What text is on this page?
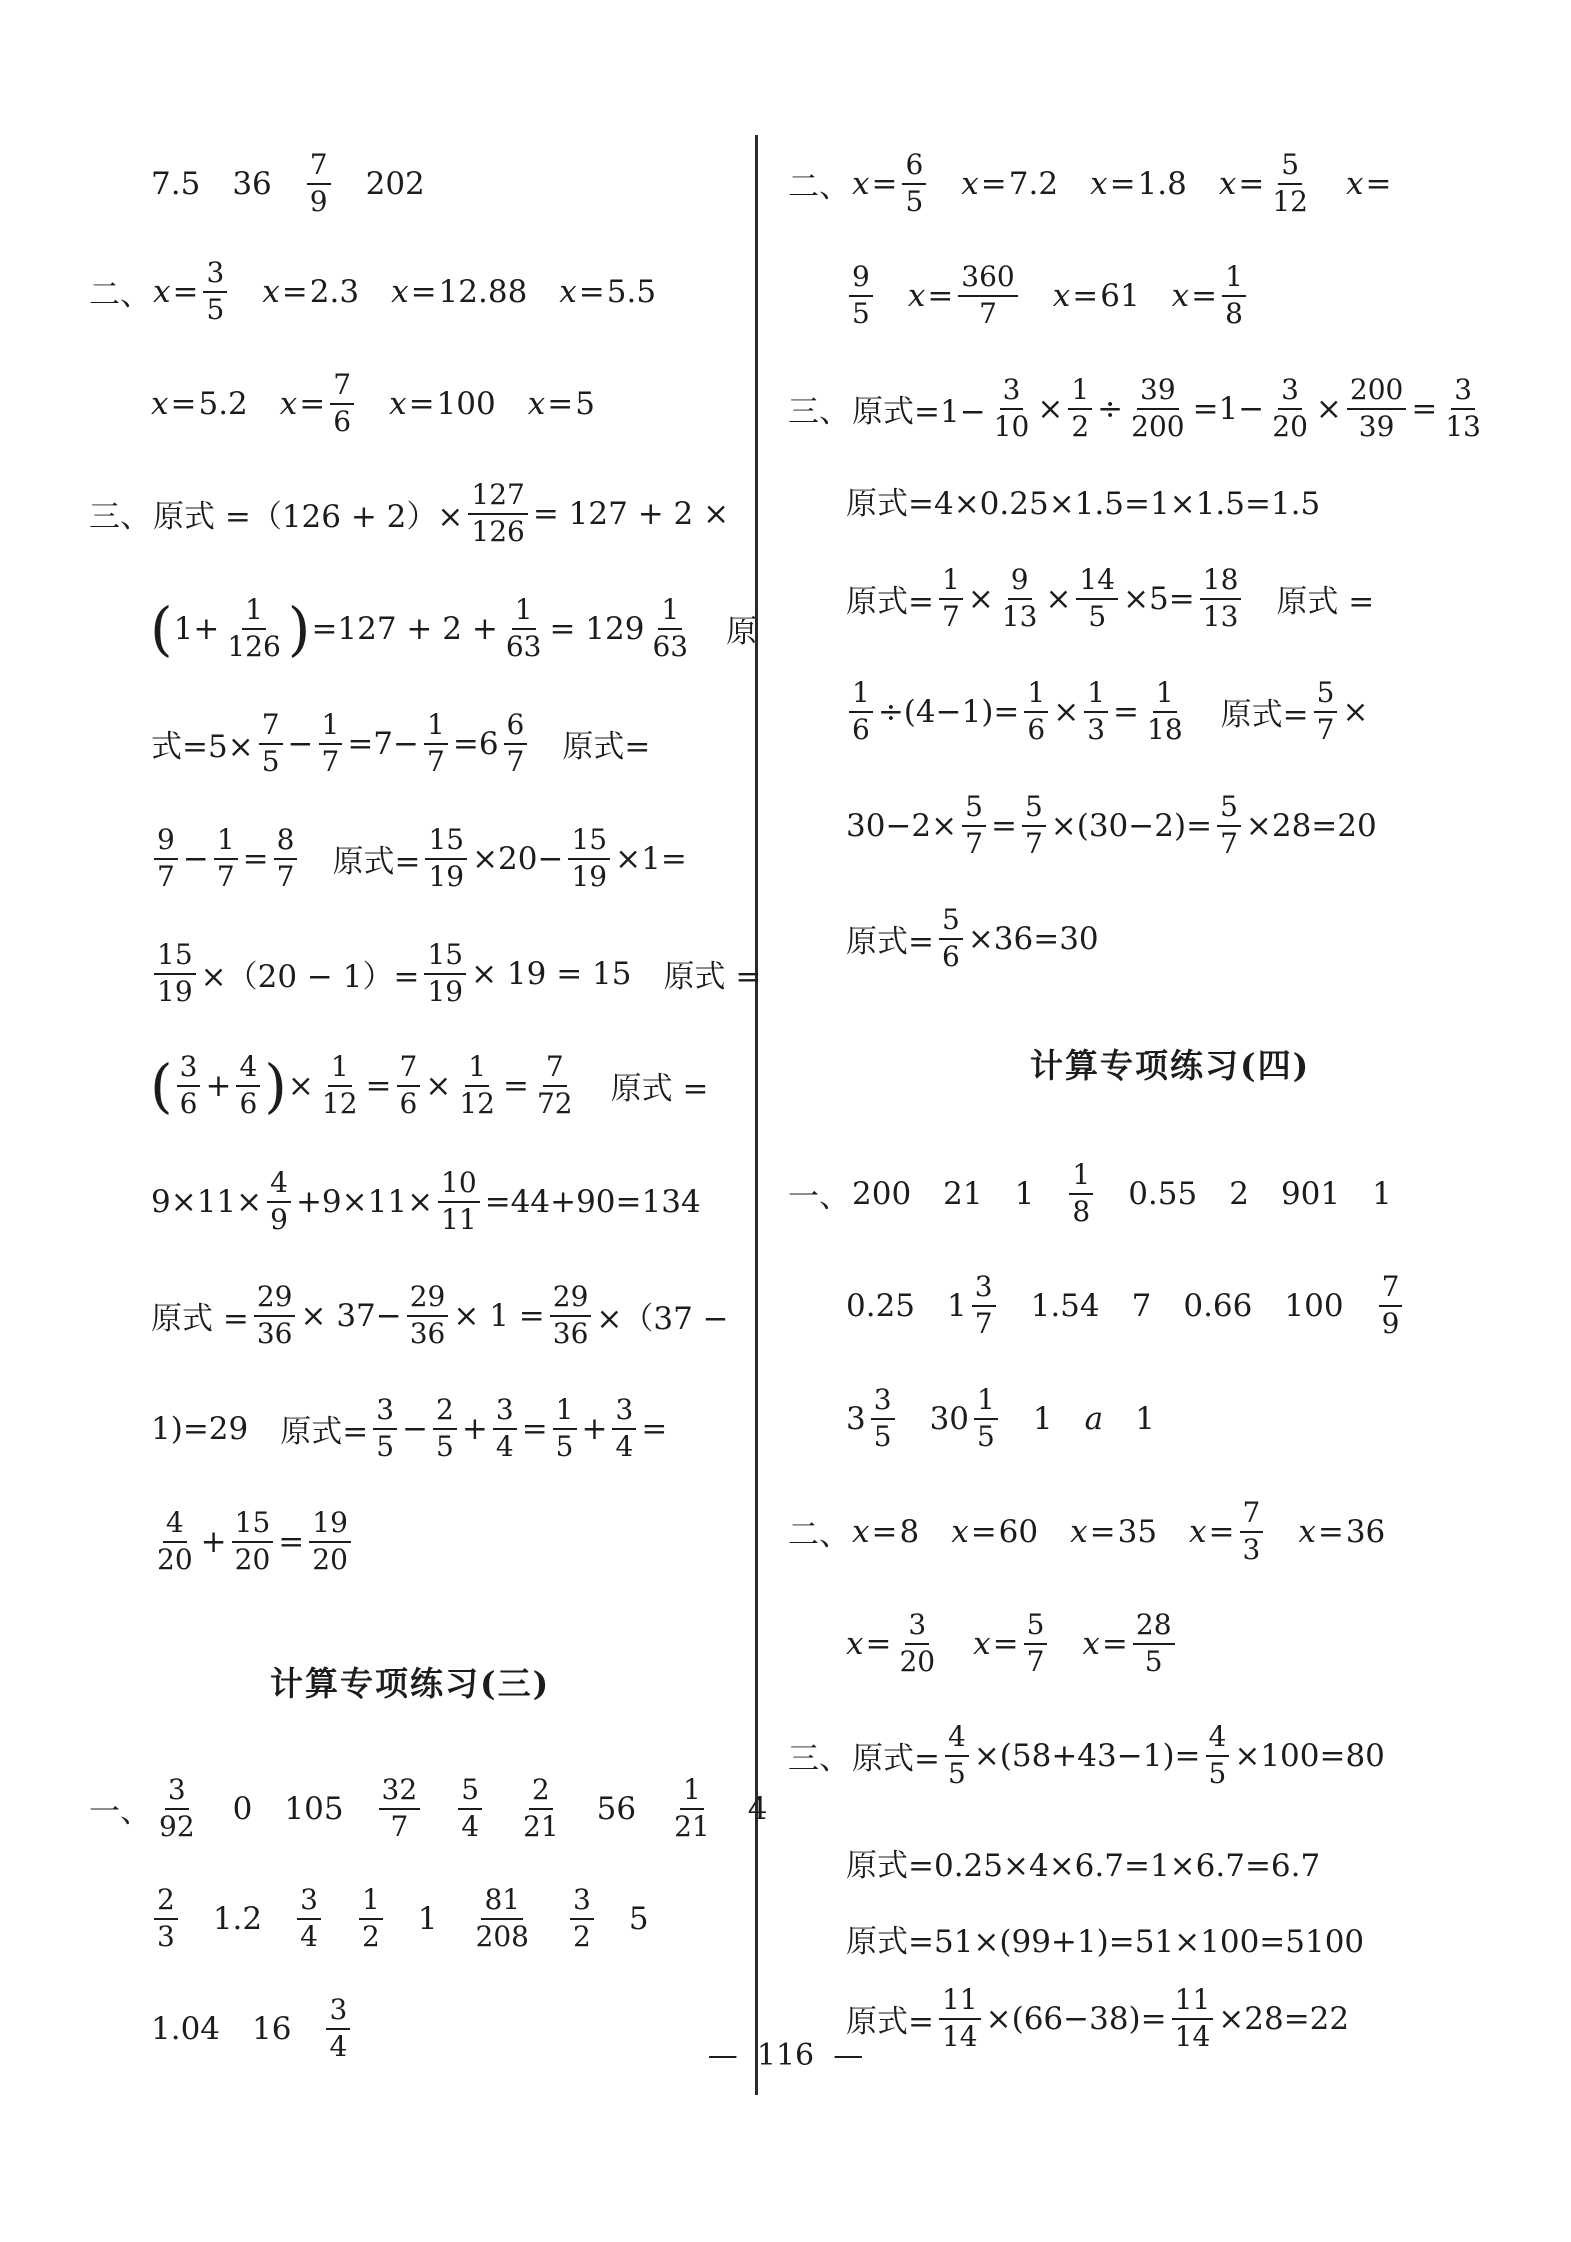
7.5 $36 \frac{7}{9} 202$
二、 $x = \frac{3}{5}$ x = 2.3 x = 12.88 x = 5.5
x = 5.2 $x = \frac{7}{6}$ x = 100 x = 5
三、 原式 $=(126 + 2)\times \frac{127}{126} = 127 + 2$ ×
( $1+ \frac{1}{126}$ ) $=127 + 2 + \frac{1}{63} = 129 \frac{1}{63}$ 原
式$=5\times \frac{7}{5} - \frac{1}{7} =7- \frac{1}{7} =6 \frac{6}{7}$ 原式=
$\frac{9}{7} - \frac{1}{7} = \frac{8}{7}$ 原式= $\frac{15}{19} \times 20- \frac{15}{19} \times 1=$
$\frac{15}{19} \times(20 - 1)= \frac{15}{19} \times 19 = 15$ 原式 =
( $\frac{3}{6} + \frac{4}{6}$ ) × $\frac{1}{12} = \frac{7}{6} \times \frac{1}{12} = \frac{7}{72}$ 原式 =
$9\times 11\times \frac{4}{9} +9\times 11\times \frac{10}{11} =44+90=134$
原式 = $\frac{29}{36} \times 37- \frac{29}{36} \times 1 = \frac{29}{36} \times(37$ −
1)=29 原式= $\frac{3}{5} - \frac{2}{5} + \frac{3}{4} = \frac{1}{5} + \frac{3}{4}$ =
$\frac{4}{20} + \frac{15}{20} = \frac{19}{20}$
计算专项练习(三)
一、 $\frac{3}{92} 0$ $105 \frac{32}{7} \frac{5}{4} \frac{2}{21} 56 \frac{1}{21} 4$
$\frac{2}{3} 1.2 \frac{3}{4} \frac{1}{2} 1 \frac{81}{208} \frac{3}{2} 5$
1.04 $16 \frac{3}{4}$
二、 $x = \frac{6}{5}$ x = 7.2 x = 1.8 $x = \frac{5}{12}$ x =
$\frac{9}{5}$ $x = \frac{360}{7}$ x = 61 $x = \frac{1}{8}$
三、 原式$=1- \frac{3}{10} \times \frac{1}{2} \div \frac{39}{200} =1- \frac{3}{20} \times \frac{200}{39} = \frac{3}{13}$
原式=4×0.25×1.5=1×1.5=1.5
原式= $\frac{1}{7} \times \frac{9}{13} \times \frac{14}{5} \times 5= \frac{18}{13}$ 原式 =
$\frac{1}{6} \div(4-1)= \frac{1}{6} \times \frac{1}{3} = \frac{1}{18}$ 原式= $\frac{5}{7}$ ×
$30-2\times \frac{5}{7} = \frac{5}{7} \times(30-2)= \frac{5}{7} \times 28=20$
原式= $\frac{5}{6} \times 36=30$
计算专项练习(四)
一、 200 21 $1 \frac{1}{8} 0.55$ 2 901 1
0.25 $1 \frac{3}{7} 1.54$ 7 0.66 $100 \frac{7}{9}$
$3 \frac{3}{5} 30 \frac{1}{5} 1$ a 1
二、 x = 8 x = 60 x = 35 $x = \frac{7}{3}$ x = 36
$x = \frac{3}{20}$ $x = \frac{5}{7}$ $x = \frac{28}{5}$
三、 原式= $\frac{4}{5} \times(58+43-1)= \frac{4}{5} \times 100=80$
原式=0.25×4×6.7=1×6.7=6.7
原式=51×(99+1)=51×100=5100
原式= $\frac{11}{14} \times(66-38)= \frac{11}{14} \times 28=22$
— 116 —
